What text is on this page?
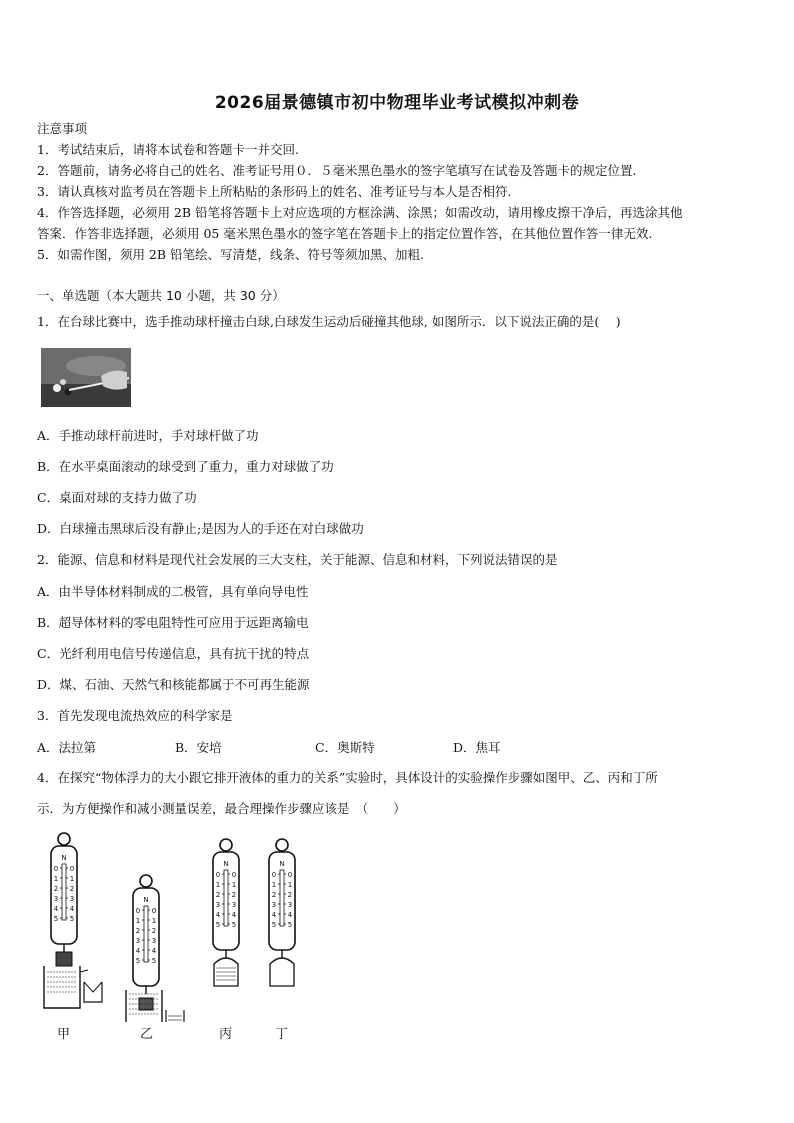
2026届景德镇市初中物理毕业考试模拟冲刺卷
注意事项
1．考试结束后，请将本试卷和答题卡一并交回.
2．答题前，请务必将自己的姓名、准考证号用０．５毫米黑色墨水的签字笔填写在试卷及答题卡的规定位置.
3．请认真核对监考员在答题卡上所粘贴的条形码上的姓名、准考证号与本人是否相符.
4．作答选择题，必须用 2B 铅笔将答题卡上对应选项的方框涂满、涂黑；如需改动，请用橡皮擦干净后，再选涂其他
答案．作答非选择题，必须用 05 毫米黑色墨水的签字笔在答题卡上的指定位置作答，在其他位置作答一律无效.
5．如需作图，须用 2B 铅笔绘、写清楚，线条、符号等须加黑、加粗.
一、单选题（本大题共 10 小题，共 30 分）
1．在台球比赛中，选手推动球杆撞击白球,白球发生运动后碰撞其他球, 如图所示．以下说法正确的是(　 )
A．手推动球杆前进时，手对球杆做了功
B．在水平桌面滚动的球受到了重力，重力对球做了功
C．桌面对球的支持力做了功
D．白球撞击黑球后没有静止;是因为人的手还在对白球做功
2．能源、信息和材料是现代社会发展的三大支柱，关于能源、信息和材料，下列说法错误的是
A．由半导体材料制成的二极管，具有单向导电性
B．超导体材料的零电阻特性可应用于远距离输电
C．光纤利用电信号传递信息，具有抗干扰的特点
D．煤、石油、天然气和核能都属于不可再生能源
3．首先发现电流热效应的科学家是
A．法拉第	B．安培	C．奥斯特	D．焦耳
4．在探究“物体浮力的大小跟它排开液体的重力的关系”实验时，具体设计的实验操作步骤如图甲、乙、丙和丁所
示．为方便操作和减小测量误差，最合理操作步骤应该是　（　　）
N
0 0
1 1
2 2
3 3
4 4
5 5
N
0 0
1 1
2 2
3 3
4 4
5 5
N
0 0
1 1
2 2
3 3
4 4
5 5
N
0 0
1 1
2 2
3 3
4 4
5 5
甲	乙	丙	丁
